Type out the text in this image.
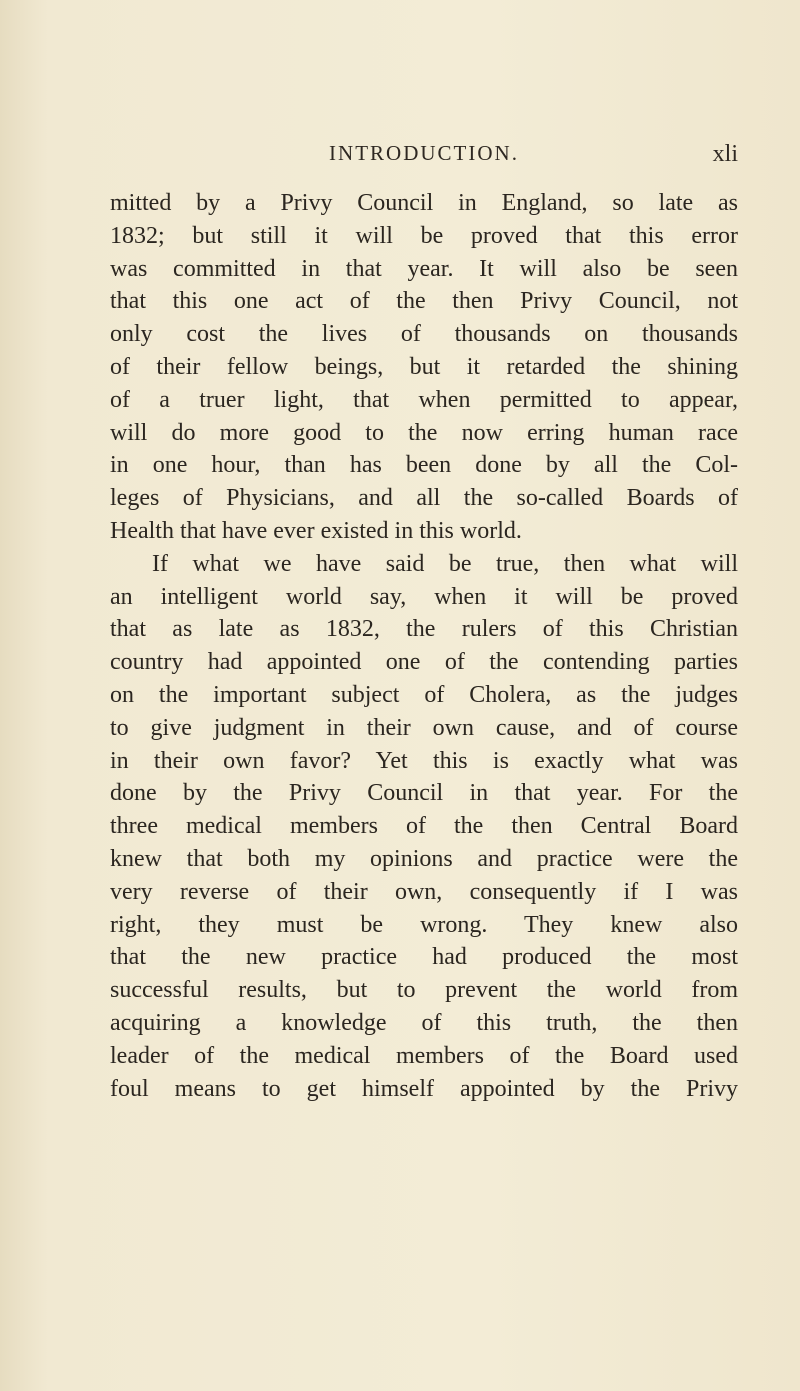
INTRODUCTION.	xli
mitted by a Privy Council in England, so late as
1832; but still it will be proved that this error
was committed in that year. It will also be seen
that this one act of the then Privy Council, not
only cost the lives of thousands on thousands
of their fellow beings, but it retarded the shining
of a truer light, that when permitted to appear,
will do more good to the now erring human race
in one hour, than has been done by all the Col-
leges of Physicians, and all the so-called Boards of
Health that have ever existed in this world.
If what we have said be true, then what will
an intelligent world say, when it will be proved
that as late as 1832, the rulers of this Christian
country had appointed one of the contending parties
on the important subject of Cholera, as the judges
to give judgment in their own cause, and of course
in their own favor? Yet this is exactly what was
done by the Privy Council in that year. For the
three medical members of the then Central Board
knew that both my opinions and practice were the
very reverse of their own, consequently if I was
right, they must be wrong. They knew also
that the new practice had produced the most
successful results, but to prevent the world from
acquiring a knowledge of this truth, the then
leader of the medical members of the Board used
foul means to get himself appointed by the Privy
